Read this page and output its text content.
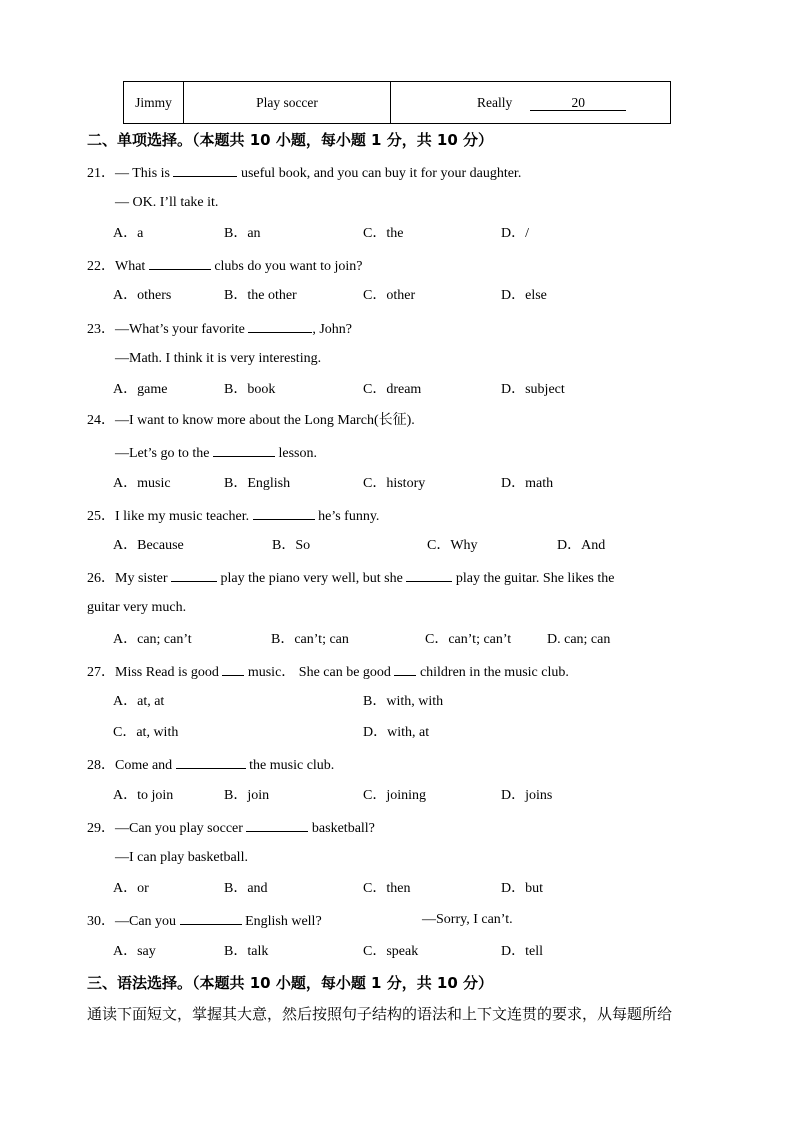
Jimmy	Play soccer	Really	20
二、单项选择。（本题共 10 小题，每小题 1 分，共 10 分）
21．— This is	useful book, and you can buy it for your daughter.
— OK. I’ll take it.
A．a	B．an	C．the	D．/
22．What	clubs do you want to join?
A．others	B．the other	C．other	D．else
23．—What’s your favorite	, John?
—Math. I think it is very interesting.
A．game	B．book	C．dream	D．subject
24．—I want to know more about the Long March(长征).
—Let’s go to the	lesson.
A．music	B．English	C．history	D．math
25．I like my music teacher.	he’s funny.
A．Because	B．So	C．Why	D．And
26．My sister	play the piano very well, but she	play the guitar. She likes the
guitar very much.
A．can; can’t	B．can’t; can	C．can’t; can’t	D. can; can
27．Miss Read is good music． She can be good children in the music club.
A．at, at	B．with, with
C．at, with	D．with, at
28．Come and	the music club.
A．to join	B．join	C．joining	D．joins
29．—Can you play soccer	basketball?
—I can play basketball.
A．or	B．and	C．then	D．but
30．—Can you	English well?	—Sorry, I can’t.
A．say	B．talk	C．speak	D．tell
三、语法选择。（本题共 10 小题，每小题 1 分，共 10 分）
通读下面短文，掌握其大意，然后按照句子结构的语法和上下文连贯的要求，从每题所给
